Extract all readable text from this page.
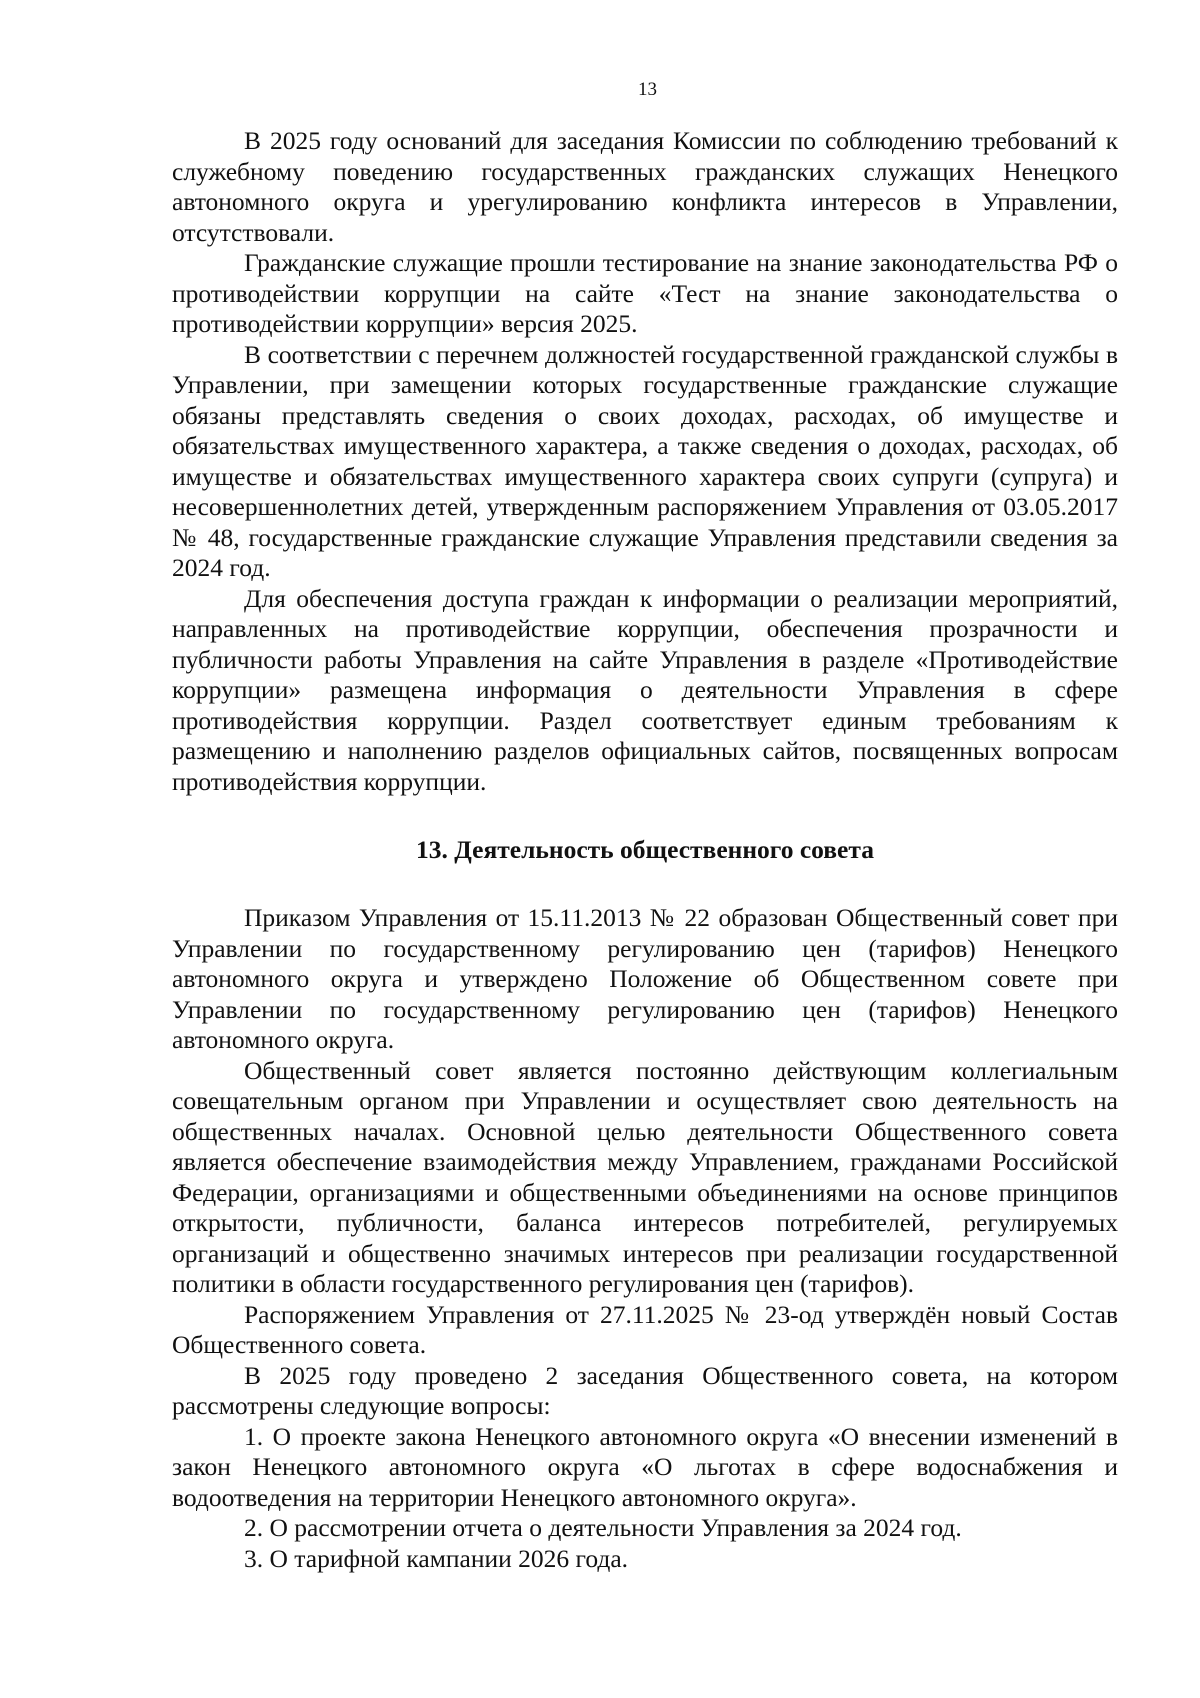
13

В 2025 году оснований для заседания Комиссии по соблюдению требований к служебному поведению государственных гражданских служащих Ненецкого автономного округа и урегулированию конфликта интересов в Управлении, отсутствовали.

Гражданские служащие прошли тестирование на знание законодательства РФ о противодействии коррупции на сайте «Тест на знание законодательства о противодействии коррупции» версия 2025.

В соответствии с перечнем должностей государственной гражданской службы в Управлении, при замещении которых государственные гражданские служащие обязаны представлять сведения о своих доходах, расходах, об имуществе и обязательствах имущественного характера, а также сведения о доходах, расходах, об имуществе и обязательствах имущественного характера своих супруги (супруга) и несовершеннолетних детей, утвержденным распоряжением Управления от 03.05.2017 № 48, государственные гражданские служащие Управления представили сведения за 2024 год.

Для обеспечения доступа граждан к информации о реализации мероприятий, направленных на противодействие коррупции, обеспечения прозрачности и публичности работы Управления на сайте Управления в разделе «Противодействие коррупции» размещена информация о деятельности Управления в сфере противодействия коррупции. Раздел соответствует единым требованиям к размещению и наполнению разделов официальных сайтов, посвященных вопросам противодействия коррупции.

13. Деятельность общественного совета

Приказом Управления от 15.11.2013 № 22 образован Общественный совет при Управлении по государственному регулированию цен (тарифов) Ненецкого автономного округа и утверждено Положение об Общественном совете при Управлении по государственному регулированию цен (тарифов) Ненецкого автономного округа.

Общественный совет является постоянно действующим коллегиальным совещательным органом при Управлении и осуществляет свою деятельность на общественных началах. Основной целью деятельности Общественного совета является обеспечение взаимодействия между Управлением, гражданами Российской Федерации, организациями и общественными объединениями на основе принципов открытости, публичности, баланса интересов потребителей, регулируемых организаций и общественно значимых интересов при реализации государственной политики в области государственного регулирования цен (тарифов).

Распоряжением Управления от 27.11.2025 № 23-од утверждён новый Состав Общественного совета.

В 2025 году проведено 2 заседания Общественного совета, на котором рассмотрены следующие вопросы:

1. О проекте закона Ненецкого автономного округа «О внесении изменений в закон Ненецкого автономного округа «О льготах в сфере водоснабжения и водоотведения на территории Ненецкого автономного округа».

2. О рассмотрении отчета о деятельности Управления за 2024 год.

3. О тарифной кампании 2026 года.
